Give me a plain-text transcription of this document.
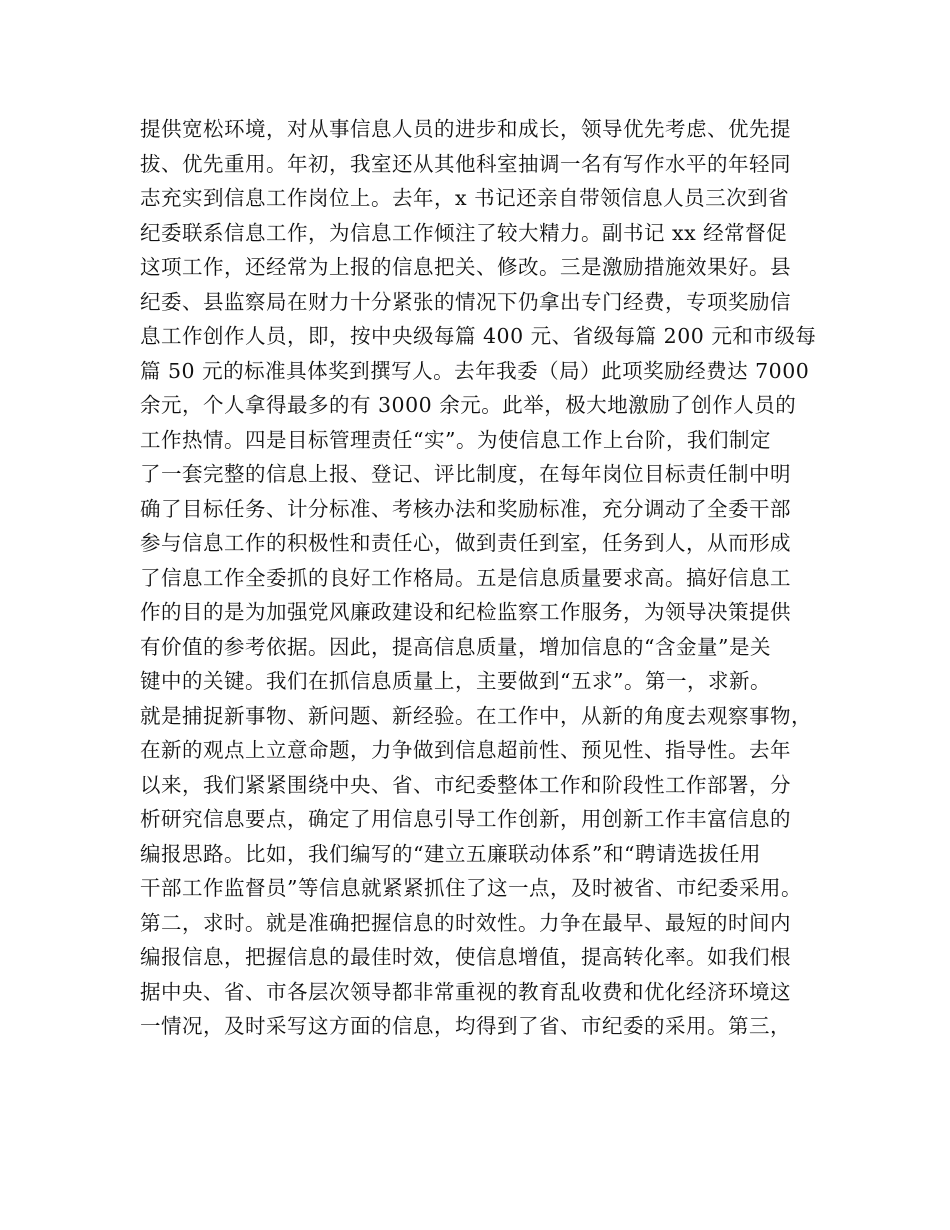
提供宽松环境，对从事信息人员的进步和成长，领导优先考虑、优先提
拔、优先重用。年初，我室还从其他科室抽调一名有写作水平的年轻同
志充实到信息工作岗位上。去年，x 书记还亲自带领信息人员三次到省
纪委联系信息工作，为信息工作倾注了较大精力。副书记 xx 经常督促
这项工作，还经常为上报的信息把关、修改。三是激励措施效果好。县
纪委、县监察局在财力十分紧张的情况下仍拿出专门经费，专项奖励信
息工作创作人员，即，按中央级每篇 400 元、省级每篇 200 元和市级每
篇 50 元的标准具体奖到撰写人。去年我委（局）此项奖励经费达 7000
余元，个人拿得最多的有 3000 余元。此举，极大地激励了创作人员的
工作热情。四是目标管理责任“实”。为使信息工作上台阶，我们制定
了一套完整的信息上报、登记、评比制度，在每年岗位目标责任制中明
确了目标任务、计分标准、考核办法和奖励标准，充分调动了全委干部
参与信息工作的积极性和责任心，做到责任到室，任务到人，从而形成
了信息工作全委抓的良好工作格局。五是信息质量要求高。搞好信息工
作的目的是为加强党风廉政建设和纪检监察工作服务，为领导决策提供
有价值的参考依据。因此，提高信息质量，增加信息的“含金量”是关
键中的关键。我们在抓信息质量上，主要做到“五求”。第一，求新。
就是捕捉新事物、新问题、新经验。在工作中，从新的角度去观察事物，
在新的观点上立意命题，力争做到信息超前性、预见性、指导性。去年
以来，我们紧紧围绕中央、省、市纪委整体工作和阶段性工作部署，分
析研究信息要点，确定了用信息引导工作创新，用创新工作丰富信息的
编报思路。比如，我们编写的“建立五廉联动体系”和“聘请选拔任用
干部工作监督员”等信息就紧紧抓住了这一点，及时被省、市纪委采用。
第二，求时。就是准确把握信息的时效性。力争在最早、最短的时间内
编报信息，把握信息的最佳时效，使信息增值，提高转化率。如我们根
据中央、省、市各层次领导都非常重视的教育乱收费和优化经济环境这
一情况，及时采写这方面的信息，均得到了省、市纪委的采用。第三，
